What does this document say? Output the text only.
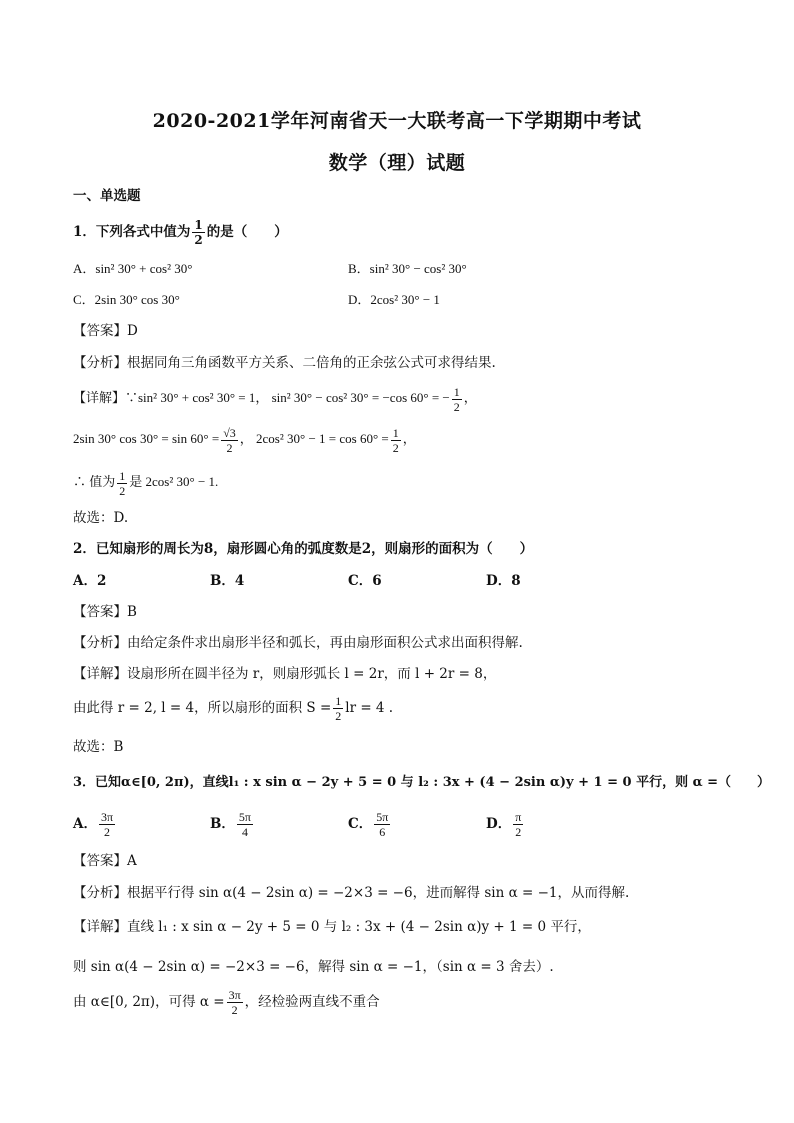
2020-2021学年河南省天一大联考高一下学期期中考试
数学（理）试题
一、单选题
1．下列各式中值为 $\frac{1}{2}$ 的是（　　）
A．sin² 30° + cos² 30°	B．sin² 30° − cos² 30°
C．2sin 30° cos 30°	D．2cos² 30° − 1
【答案】D
【分析】根据同角三角函数平方关系、二倍角的正余弦公式可求得结果.
【详解】∵sin² 30° + cos² 30° = 1， sin² 30° − cos² 30° = −cos 60° = − $\frac{1}{2}$ ，
2sin 30° $\cos 30^\circ = \sin 60^\circ = \frac{√3}{2}$ ， 2cos² $30^\circ - 1 = \cos 60^\circ = \frac{1}{2}$ ，
∴ 值为 $\frac{1}{2}$ 是 2cos² 30° − 1.
故选：D.
2．已知扇形的周长为8，扇形圆心角的弧度数是2，则扇形的面积为（　　）
A．2	B．4	C．6	D．8
【答案】B
【分析】由给定条件求出扇形半径和弧长，再由扇形面积公式求出面积得解.
【详解】设扇形所在圆半径为 r，则扇形弧长 l = 2r，而 l + 2r = 8，
由此得 r = 2, l = 4，所以扇形的面积 $S = \frac{1}{2}$ lr = 4 .
故选：B
3．已知α∈[0, 2π)，直线l₁ : x sin α − 2y + 5 = 0 与 l₂ : 3x + (4 − 2sin α)y + 1 = 0 平行，则 α =（　　）
A． $\frac{3\pi}{2}$	B． $\frac{5\pi}{4}$	C． $\frac{5\pi}{6}$	D． $\frac{\pi}{2}$
【答案】A
【分析】根据平行得 sin α(4 − 2sin α) = −2×3 = −6，进而解得 sin α = −1，从而得解.
【详解】直线 l₁ : x sin α − 2y + 5 = 0 与 l₂ : 3x + (4 − 2sin α)y + 1 = 0 平行，
则 sin α(4 − 2sin α) = −2×3 = −6，解得 sin α = −1，（sin α = 3 舍去）.
由 α∈[0, 2π)，可得 $\alpha = \frac{3\pi}{2}$ ，经检验两直线不重合
